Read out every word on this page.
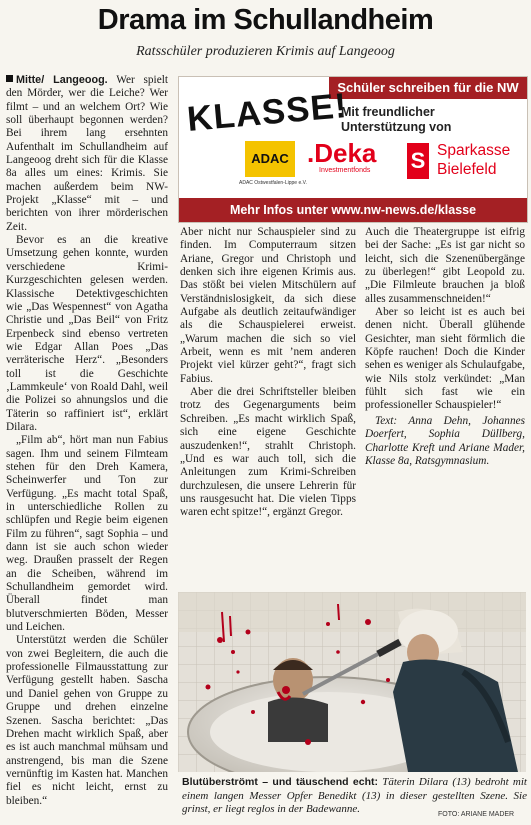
Drama im Schullandheim
Ratsschüler produzieren Krimis auf Langeoog

Mitte/ Langeoog. Wer spielt den Mörder, wer die Leiche? Wer filmt – und an welchem Ort? Wie soll überhaupt begonnen werden? Bei ihrem lang ersehnten Aufenthalt im Schullandheim auf Langeoog dreht sich für die Klasse 8a alles um eines: Krimis. Sie machen außerdem beim NW-Projekt „Klasse“ mit – und berichten von ihrer mörderischen Zeit.

Bevor es an die kreative Umsetzung gehen konnte, wurden verschiedene Krimi-Kurzgeschichten gelesen werden. Klassische Detektivgeschichten wie „Das Wespennest“ von Agatha Christie und „Das Beil“ von Fritz Erpenbeck sind ebenso vertreten wie Edgar Allan Poes „Das verräterische Herz“. „Besonders toll ist die Geschichte ‚Lammkeule‘ von Roald Dahl, weil die Polizei so ahnungslos und die Täterin so raffiniert ist“, erklärt Dilara.

„Film ab“, hört man nun Fabius sagen. Ihm und seinem Filmteam stehen für den Dreh Kamera, Scheinwerfer und Ton zur Verfügung. „Es macht total Spaß, in unterschiedliche Rollen zu schlüpfen und Regie beim eigenen Film zu führen“, sagt Sophia – und dann ist sie auch schon wieder weg. Draußen prasselt der Regen an die Scheiben, während im Schullandheim gemordet wird. Überall findet man blutverschmierten Böden, Messer und Leichen.

Unterstützt werden die Schüler von zwei Begleitern, die auch die professionelle Filmausstattung zur Verfügung gestellt haben. Sascha und Daniel gehen von Gruppe zu Gruppe und drehen einzelne Szenen. Sascha berichtet: „Das Drehen macht wirklich Spaß, aber es ist auch manchmal mühsam und anstrengend, bis man die Szene vernünftig im Kasten hat. Manchen fiel es nicht leicht, ernst zu bleiben.“

Schüler schreiben für die NW
KLASSE!
Mit freundlicher Unterstützung von
ADAC
ADAC Ostwestfalen-Lippe e.V.
.Deka
Investmentfonds	S Sparkasse Bielefeld
Mehr Infos unter www.nw-news.de/klasse

Aber nicht nur Schauspieler sind zu finden. Im Computerraum sitzen Ariane, Gregor und Christoph und denken sich ihre eigenen Krimis aus. Das stößt bei vielen Mitschülern auf Verständnislosigkeit, da sich diese Aufgabe als deutlich zeitaufwändiger als die Schauspielerei erweist. „Warum machen die sich so viel Arbeit, wenn es mit ’nem anderen Projekt viel kürzer geht?“, fragt sich Fabius.

Aber die drei Schriftsteller bleiben trotz des Gegenarguments beim Schreiben. „Es macht wirklich Spaß, sich eine eigene Geschichte auszudenken!“, strahlt Christoph. „Und es war auch toll, sich die Anleitungen zum Krimi-Schreiben durchzulesen, die unsere Lehrerin für uns rausgesucht hat. Die vielen Tipps waren echt spitze!“, ergänzt Gregor.

Auch die Theatergruppe ist eifrig bei der Sache: „Es ist gar nicht so leicht, sich die Szenenübergänge zu überlegen!“ gibt Leopold zu. „Die Filmleute brauchen ja bloß alles zusammenschneiden!“

Aber so leicht ist es auch bei denen nicht. Überall glühende Gesichter, man sieht förmlich die Köpfe rauchen! Doch die Kinder sehen es weniger als Schulaufgabe, wie Nils stolz verkündet: „Man fühlt sich fast wie ein professioneller Schauspieler!“

Text: Anna Dehn, Johannes Doerfert, Sophia Düllberg, Charlotte Kreft und Ariane Mader, Klasse 8a, Ratsgymnasium.

Blutüberströmt – und täuschend echt: Täterin Dilara (13) bedroht mit einem langen Messer Opfer Benedikt (13) in dieser gestellten Szene. Sie grinst, er liegt reglos in der Badewanne.	FOTO: ARIANE MADER
